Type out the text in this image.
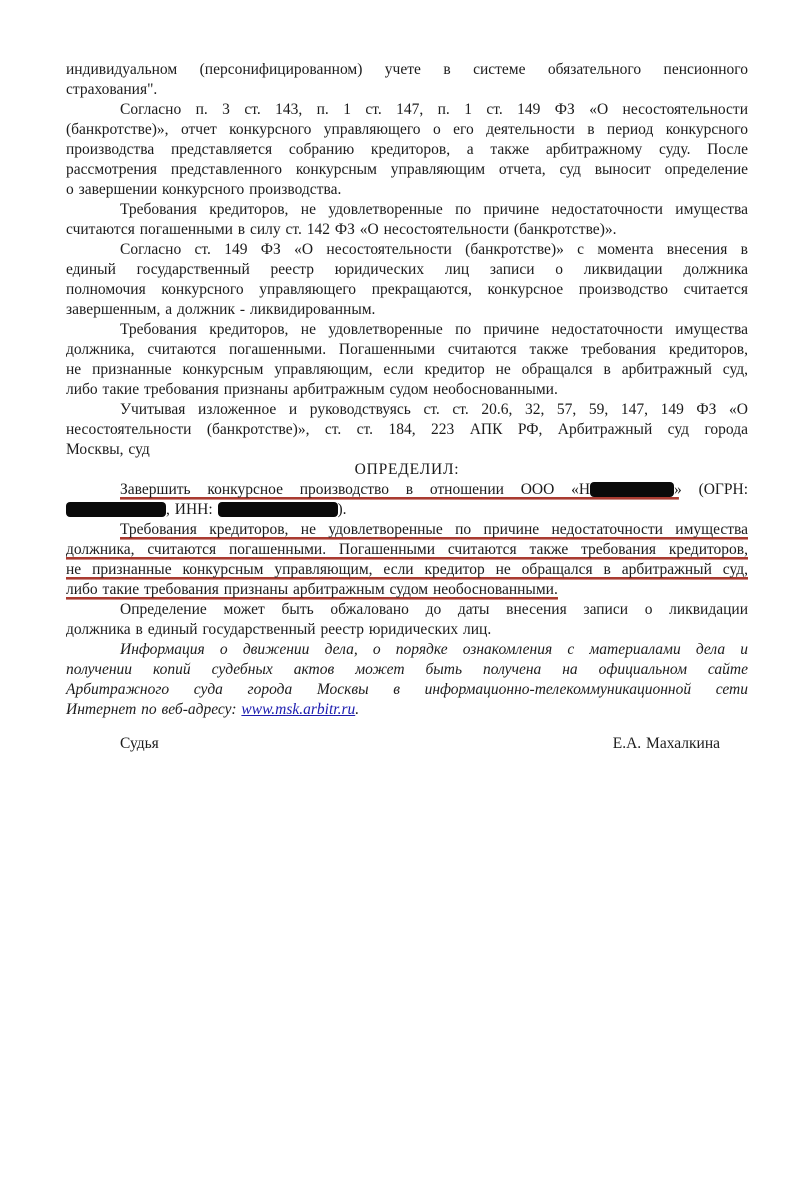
индивидуальном (персонифицированном) учете в системе обязательного пенсионного
страхования".
Согласно п. 3 ст. 143, п. 1 ст. 147, п. 1 ст. 149 ФЗ «О несостоятельности
(банкротстве)», отчет конкурсного управляющего о его деятельности в период конкурсного
производства представляется собранию кредиторов, а также арбитражному суду. После
рассмотрения представленного конкурсным управляющим отчета, суд выносит определение
о завершении конкурсного производства.
Требования кредиторов, не удовлетворенные по причине недостаточности имущества
считаются погашенными в силу ст. 142 ФЗ «О несостоятельности (банкротстве)».
Согласно ст. 149 ФЗ «О несостоятельности (банкротстве)» с момента внесения в
единый государственный реестр юридических лиц записи о ликвидации должника
полномочия конкурсного управляющего прекращаются, конкурсное производство считается
завершенным, а должник - ликвидированным.
Требования кредиторов, не удовлетворенные по причине недостаточности имущества
должника, считаются погашенными. Погашенными считаются также требования кредиторов,
не признанные конкурсным управляющим, если кредитор не обращался в арбитражный суд,
либо такие требования признаны арбитражным судом необоснованными.
Учитывая изложенное и руководствуясь ст. ст. 20.6, 32, 57, 59, 147, 149 ФЗ «О
несостоятельности (банкротстве)», ст. ст. 184, 223 АПК РФ, Арбитражный суд города
Москвы, суд
ОПРЕДЕЛИЛ:
Завершить конкурсное производство в отношении ООО «Н	» (ОГРН:
, ИНН:	).
Требования кредиторов, не удовлетворенные по причине недостаточности имущества
должника, считаются погашенными. Погашенными считаются также требования кредиторов,
не признанные конкурсным управляющим, если кредитор не обращался в арбитражный суд,
либо такие требования признаны арбитражным судом необоснованными.
Определение может быть обжаловано до даты внесения записи о ликвидации
должника в единый государственный реестр юридических лиц.
Информация о движении дела, о порядке ознакомления с материалами дела и
получении копий судебных актов может быть получена на официальном сайте
Арбитражного суда города Москвы в информационно-телекоммуникационной сети
Интернет по веб-адресу: www.msk.arbitr.ru.
Судья	Е.А. Махалкина
